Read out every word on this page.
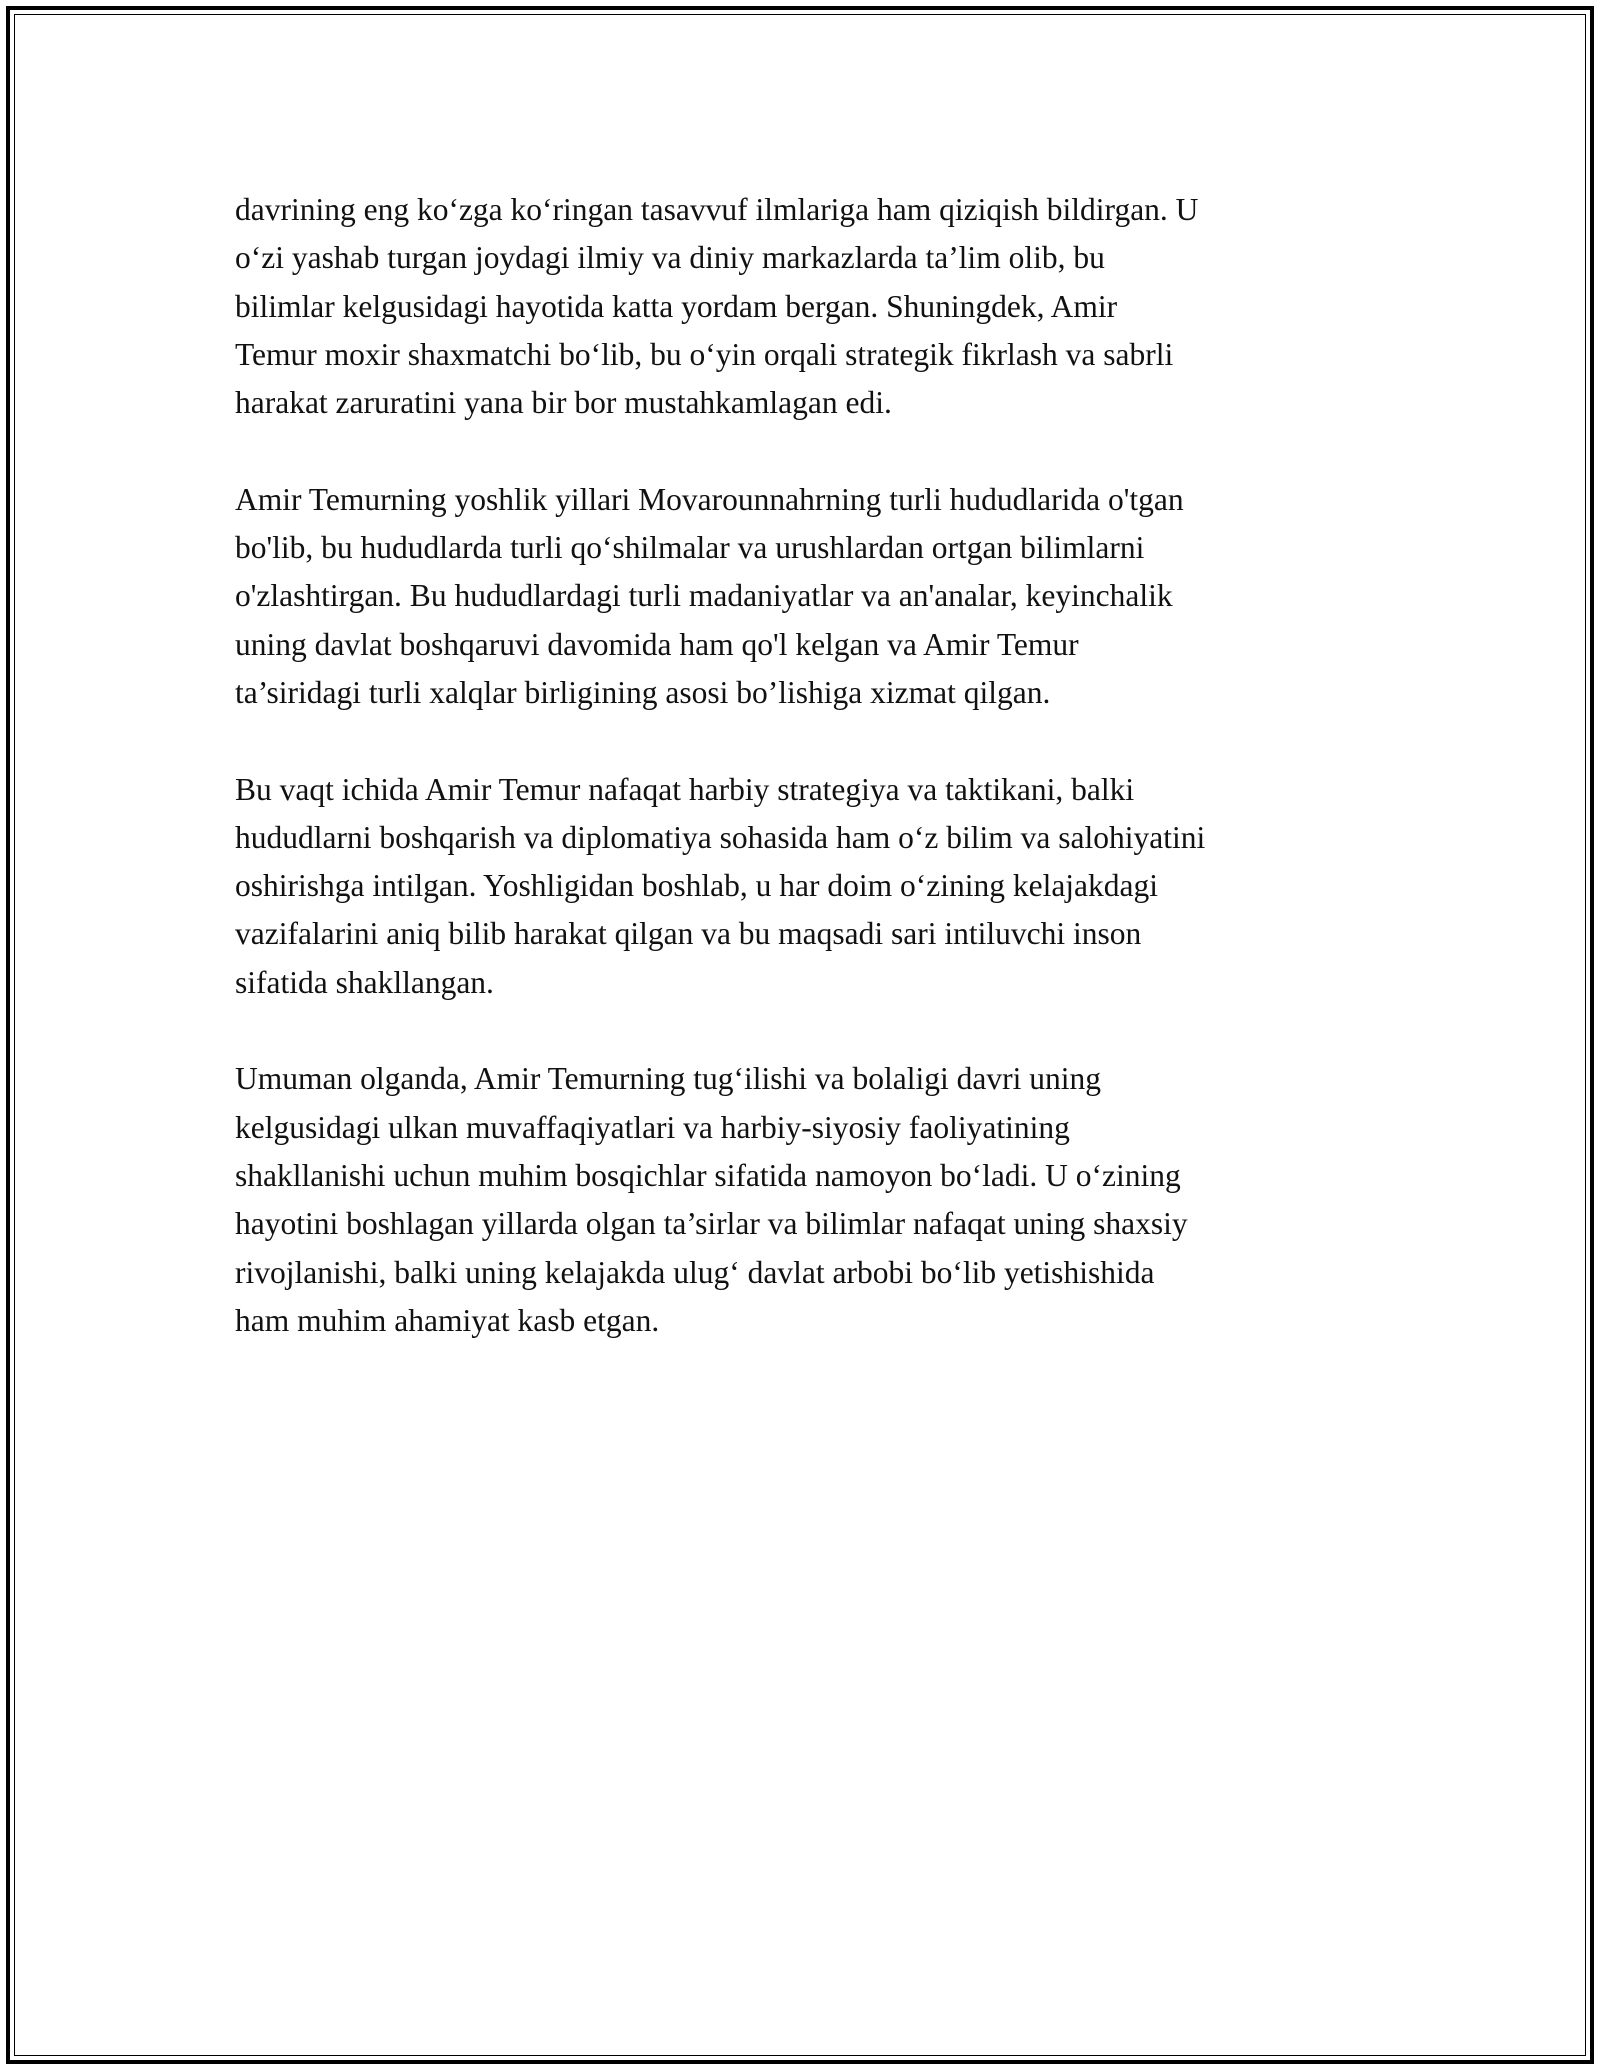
davrining eng ko‘zga ko‘ringan tasavvuf ilmlariga ham qiziqish bildirgan. U
o‘zi yashab turgan joydagi ilmiy va diniy markazlarda ta’lim olib, bu
bilimlar kelgusidagi hayotida katta yordam bergan. Shuningdek, Amir
Temur moxir shaxmatchi bo‘lib, bu o‘yin orqali strategik fikrlash va sabrli
harakat zaruratini yana bir bor mustahkamlagan edi.

Amir Temurning yoshlik yillari Movarounnahrning turli hududlarida o'tgan
bo'lib, bu hududlarda turli qo‘shilmalar va urushlardan ortgan bilimlarni
o'zlashtirgan. Bu hududlardagi turli madaniyatlar va an'analar, keyinchalik
uning davlat boshqaruvi davomida ham qo'l kelgan va Amir Temur
ta’siridagi turli xalqlar birligining asosi bo’lishiga xizmat qilgan.

Bu vaqt ichida Amir Temur nafaqat harbiy strategiya va taktikani, balki
hududlarni boshqarish va diplomatiya sohasida ham o‘z bilim va salohiyatini
oshirishga intilgan. Yoshligidan boshlab, u har doim o‘zining kelajakdagi
vazifalarini aniq bilib harakat qilgan va bu maqsadi sari intiluvchi inson
sifatida shakllangan.

Umuman olganda, Amir Temurning tug‘ilishi va bolaligi davri uning
kelgusidagi ulkan muvaffaqiyatlari va harbiy-siyosiy faoliyatining
shakllanishi uchun muhim bosqichlar sifatida namoyon bo‘ladi. U o‘zining
hayotini boshlagan yillarda olgan ta’sirlar va bilimlar nafaqat uning shaxsiy
rivojlanishi, balki uning kelajakda ulug‘ davlat arbobi bo‘lib yetishishida
ham muhim ahamiyat kasb etgan.
